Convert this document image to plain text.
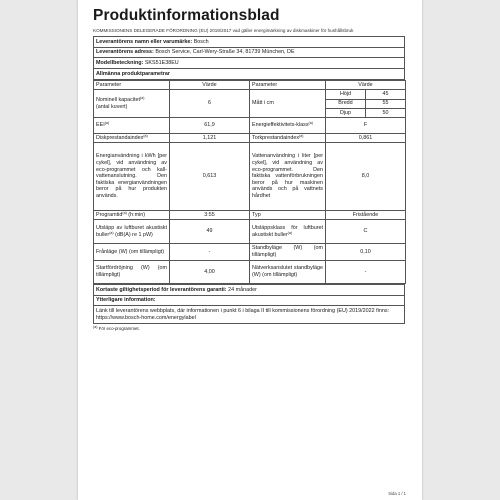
Produktinformationsblad
KOMMISSIONENS DELEGERADE FÖRORDNING (EU) 2019/2017 vad gäller energimärkning av diskmaskiner för hushållsbruk
Leverantörens namn eller varumärke: Bosch
Leverantörens adress: Bosch Service, Carl-Wery-Straße 34, 81739 München, DE
Modellbeteckning: SKS51E38EU
Allmänna produktparametrar
Parameter	Värde	Parameter	Värde
Nominell kapacitet$^{(a)}$
(antal kuvert)	6	Mått i cm	
Höjd	45
Bredd	55
Djup	50

EEI$^{(a)}$	61,9	Energieffektivitets-klass$^{(a)}$	F
Diskprestandaindex$^{(a)}$	1,121	Torkprestandaindex$^{(a)}$	0,861
Energianvändning i kWh [per cykel], vid användning av eco-programmet och kall-vattenanslutning. Den faktiska energianvändningen beror på hur produkten används.	0,613	Vattenanvändning i liter [per cykel], vid användning av eco-programmet. Den faktiska vattenförbrukningen beror på hur maskinen används och på vattnets hårdhet	8,0
Programtid$^{(a)}$ (h:min)	3:55	Typ	Fristående
Utsläpp av luftburet akustiskt buller$^{(a)}$ (dB(A) re 1 pW)	49	Utsläppsklass för luftburet akustiskt buller$^{(a)}$	C
Frånläge (W) (om tillämpligt)	-	Standbyläge (W) (om tillämpligt)	0,10
Startfördröjning (W) (om tillämpligt)	4,00	Nätverksanslutet standbyläge (W) (om tillämpligt)	-
Kortaste giltighetsperiod för leverantörens garanti: 24 månader
Ytterligare information:
Länk till leverantörens webbplats, där informationen i punkt 6 i bilaga II till kommissionens förordning (EU) 2019/2022 finns: https://www.bosch-home.com/energylabel
$^{(a)}$ För eco-programmet.
Sida 1 / 1
